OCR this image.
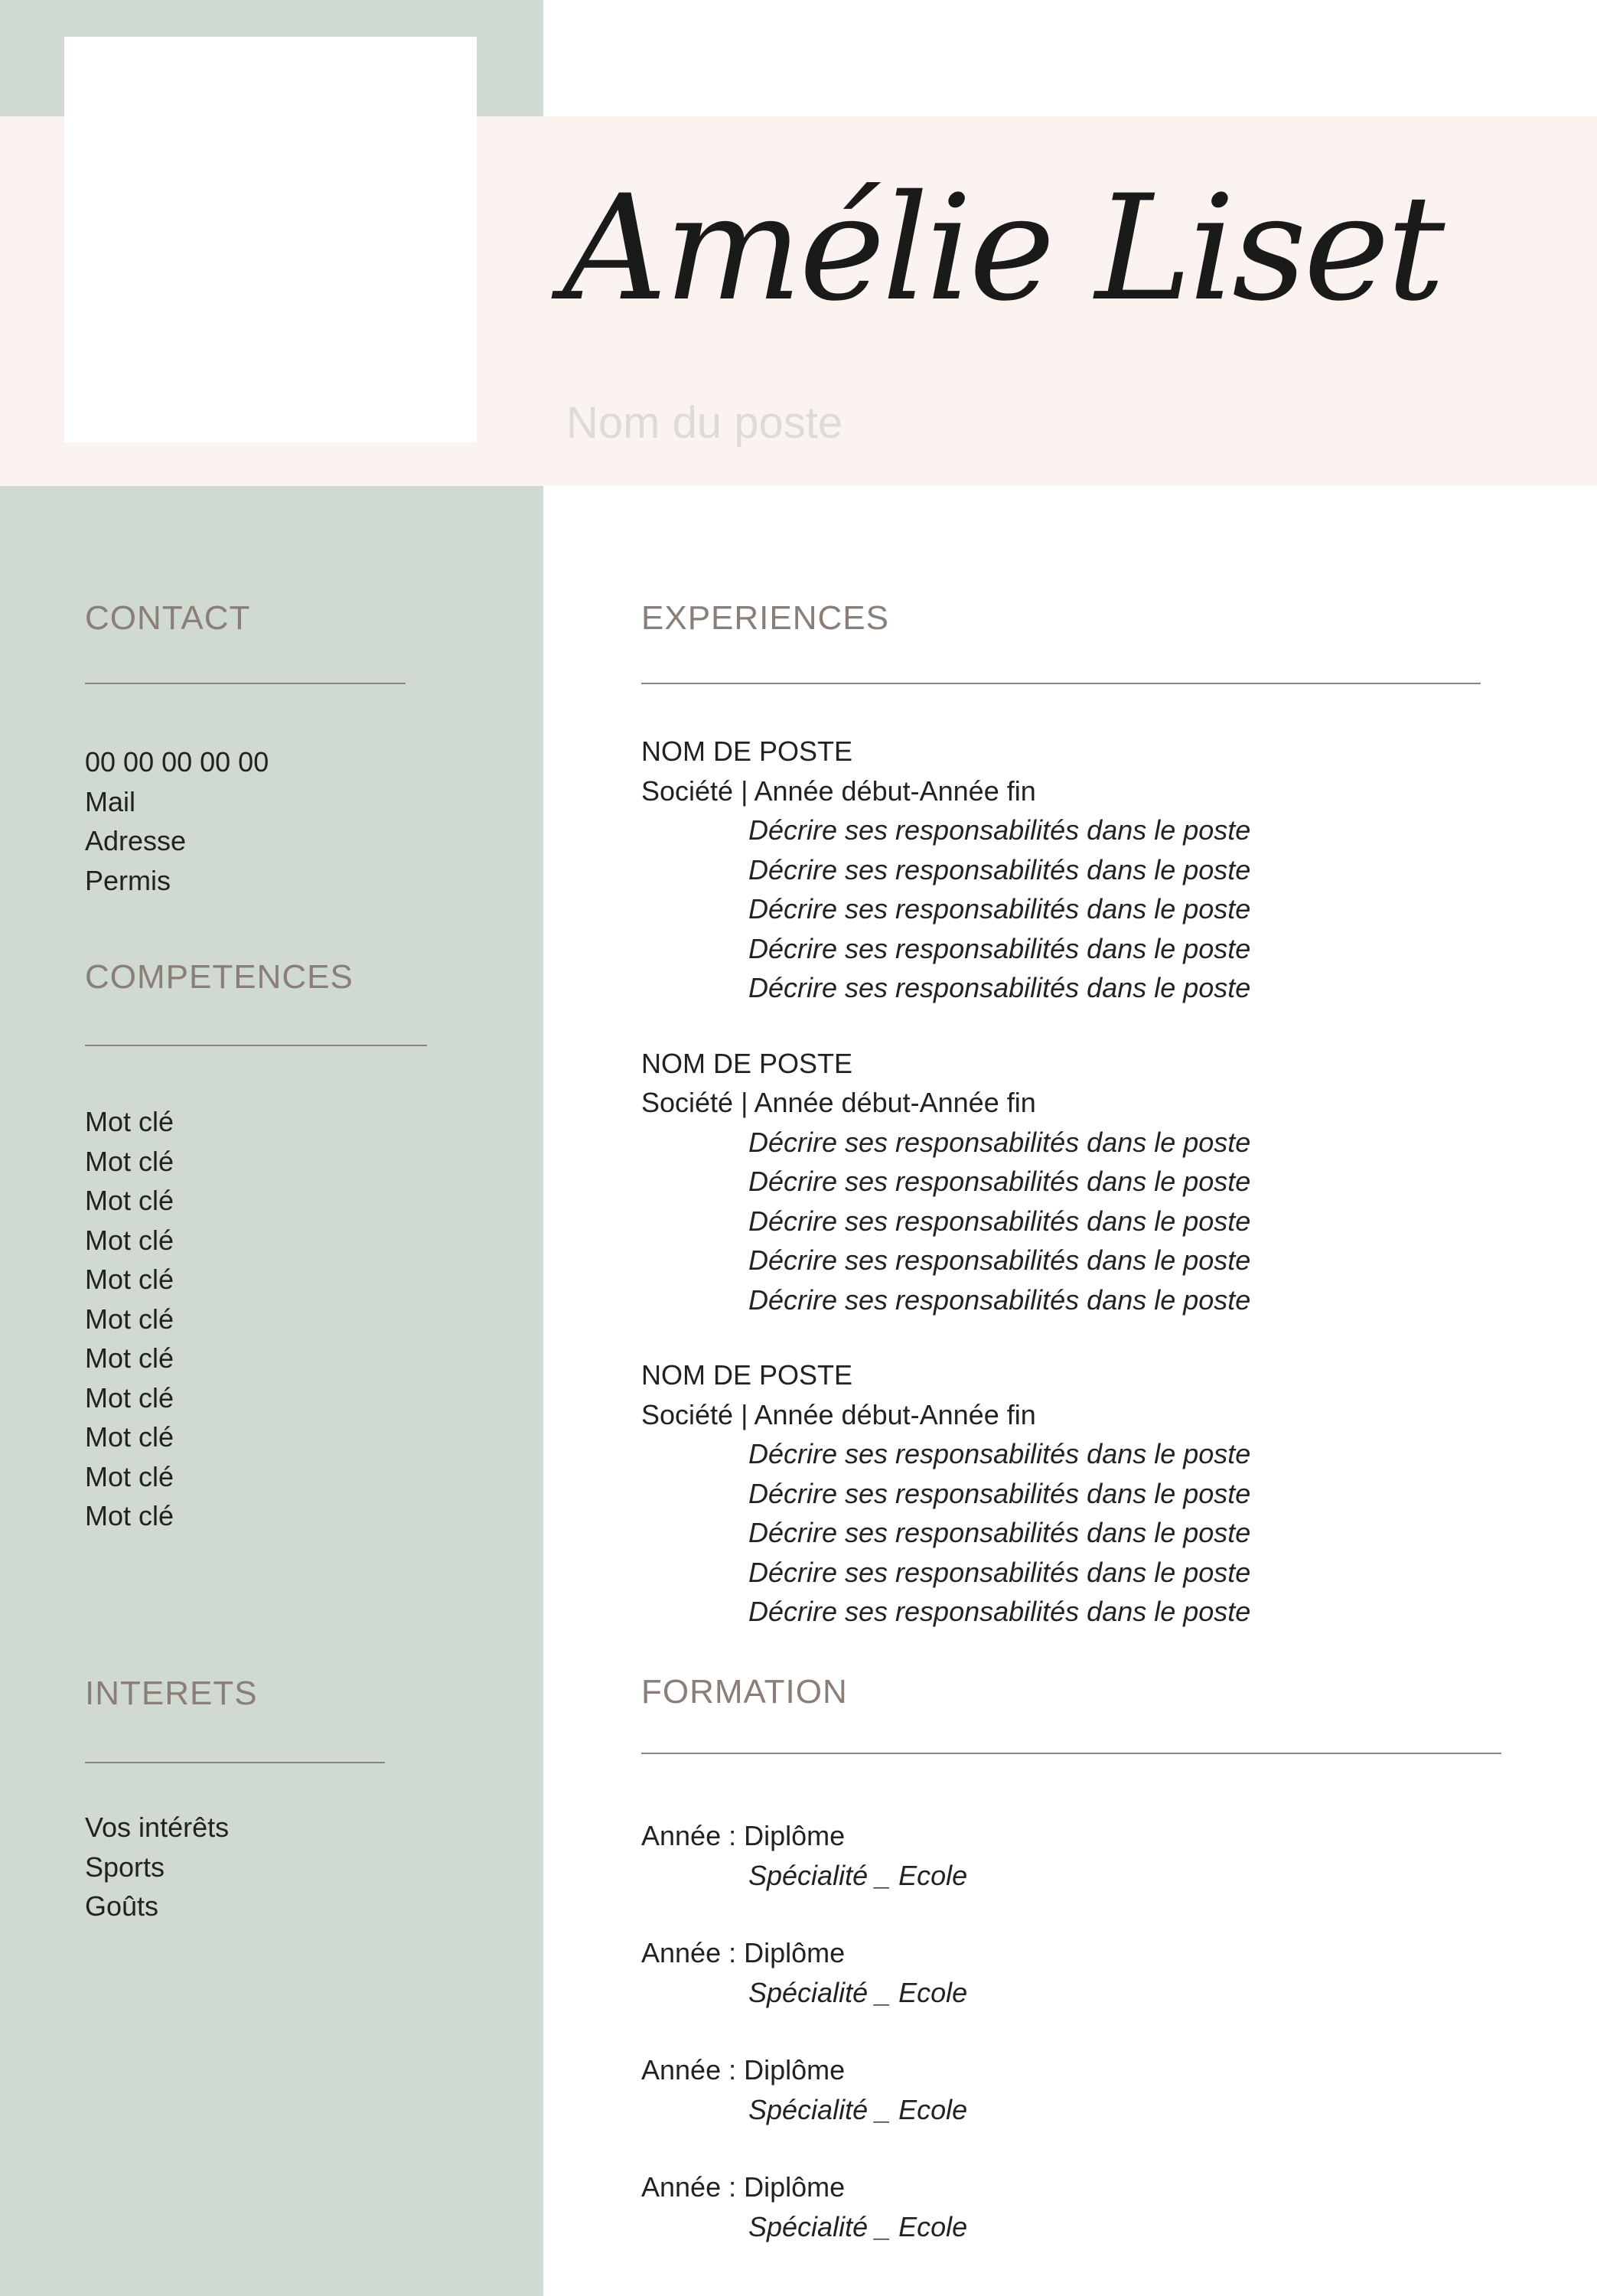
Amélie Liset
Nom du poste
CONTACT
00 00 00 00 00
Mail
Adresse
Permis
COMPETENCES
Mot clé
Mot clé
Mot clé
Mot clé
Mot clé
Mot clé
Mot clé
Mot clé
Mot clé
Mot clé
Mot clé
INTERETS
Vos intérêts
Sports
Goûts
EXPERIENCES
NOM DE POSTE
Société | Année début-Année fin
Décrire ses responsabilités dans le poste
Décrire ses responsabilités dans le poste
Décrire ses responsabilités dans le poste
Décrire ses responsabilités dans le poste
Décrire ses responsabilités dans le poste
NOM DE POSTE
Société | Année début-Année fin
Décrire ses responsabilités dans le poste
Décrire ses responsabilités dans le poste
Décrire ses responsabilités dans le poste
Décrire ses responsabilités dans le poste
Décrire ses responsabilités dans le poste
NOM DE POSTE
Société | Année début-Année fin
Décrire ses responsabilités dans le poste
Décrire ses responsabilités dans le poste
Décrire ses responsabilités dans le poste
Décrire ses responsabilités dans le poste
Décrire ses responsabilités dans le poste
FORMATION
Année : Diplôme
Spécialité _ Ecole
Année : Diplôme
Spécialité _ Ecole
Année : Diplôme
Spécialité _ Ecole
Année : Diplôme
Spécialité _ Ecole
